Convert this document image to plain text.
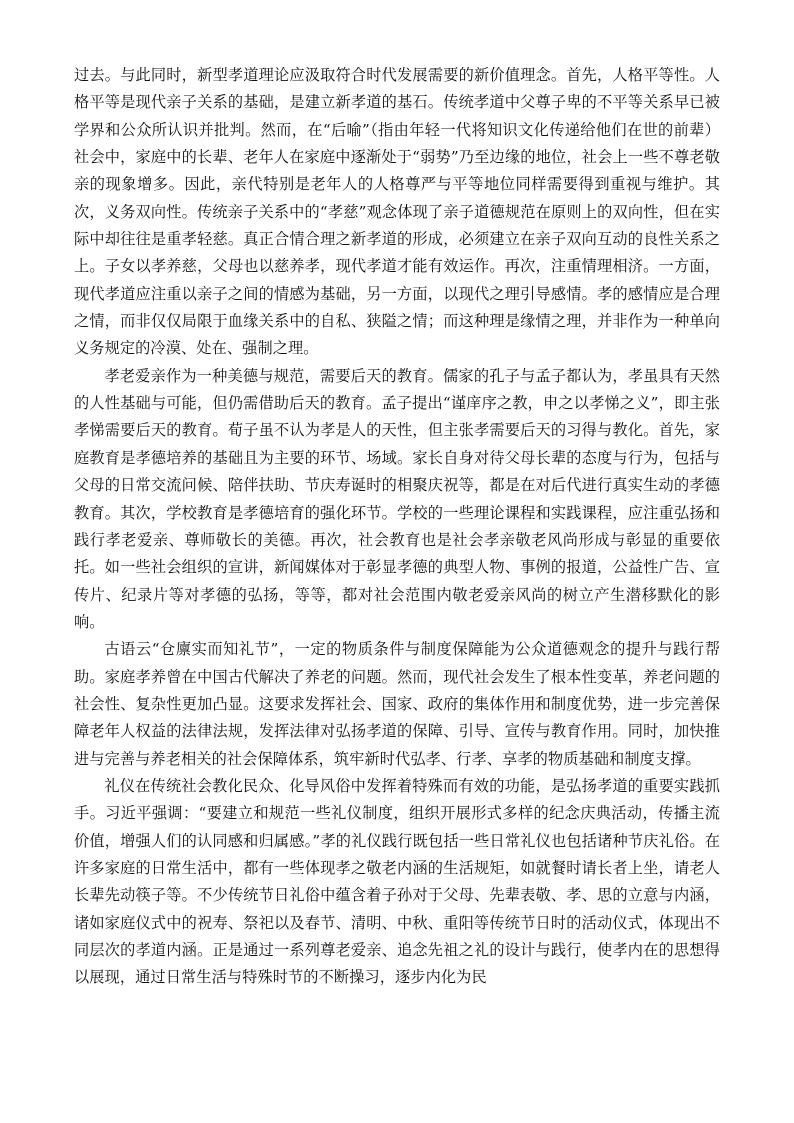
过去。与此同时，新型孝道理论应汲取符合时代发展需要的新价值理念。首先，人格平等性。人格平等是现代亲子关系的基础，是建立新孝道的基石。传统孝道中父尊子卑的不平等关系早已被学界和公众所认识并批判。然而，在“后喻”（指由年轻一代将知识文化传递给他们在世的前辈）社会中，家庭中的长辈、老年人在家庭中逐渐处于“弱势”乃至边缘的地位，社会上一些不尊老敬亲的现象增多。因此，亲代特别是老年人的人格尊严与平等地位同样需要得到重视与维护。其次，义务双向性。传统亲子关系中的“孝慈”观念体现了亲子道德规范在原则上的双向性，但在实际中却往往是重孝轻慈。真正合情合理之新孝道的形成，必须建立在亲子双向互动的良性关系之上。子女以孝养慈，父母也以慈养孝，现代孝道才能有效运作。再次，注重情理相济。一方面，现代孝道应注重以亲子之间的情感为基础，另一方面，以现代之理引导感情。孝的感情应是合理之情，而非仅仅局限于血缘关系中的自私、狭隘之情；而这种理是缘情之理，并非作为一种单向义务规定的冷漠、处在、强制之理。

孝老爱亲作为一种美德与规范，需要后天的教育。儒家的孔子与孟子都认为，孝虽具有天然的人性基础与可能，但仍需借助后天的教育。孟子提出“谨庠序之教，申之以孝悌之义”，即主张孝悌需要后天的教育。荀子虽不认为孝是人的天性，但主张孝需要后天的习得与教化。首先，家庭教育是孝德培养的基础且为主要的环节、场域。家长自身对待父母长辈的态度与行为，包括与父母的日常交流问候、陪伴扶助、节庆寿诞时的相聚庆祝等，都是在对后代进行真实生动的孝德教育。其次，学校教育是孝德培育的强化环节。学校的一些理论课程和实践课程，应注重弘扬和践行孝老爱亲、尊师敬长的美德。再次，社会教育也是社会孝亲敬老风尚形成与彰显的重要依托。如一些社会组织的宣讲，新闻媒体对于彰显孝德的典型人物、事例的报道，公益性广告、宣传片、纪录片等对孝德的弘扬，等等，都对社会范围内敬老爱亲风尚的树立产生潜移默化的影响。

古语云“仓廪实而知礼节”，一定的物质条件与制度保障能为公众道德观念的提升与践行帮助。家庭孝养曾在中国古代解决了养老的问题。然而，现代社会发生了根本性变革，养老问题的社会性、复杂性更加凸显。这要求发挥社会、国家、政府的集体作用和制度优势，进一步完善保障老年人权益的法律法规，发挥法律对弘扬孝道的保障、引导、宣传与教育作用。同时，加快推进与完善与养老相关的社会保障体系，筑牢新时代弘孝、行孝、享孝的物质基础和制度支撑。

礼仪在传统社会教化民众、化导风俗中发挥着特殊而有效的功能，是弘扬孝道的重要实践抓手。习近平强调：“要建立和规范一些礼仪制度，组织开展形式多样的纪念庆典活动，传播主流价值，增强人们的认同感和归属感。”孝的礼仪践行既包括一些日常礼仪也包括诸种节庆礼俗。在许多家庭的日常生活中，都有一些体现孝之敬老内涵的生活规矩，如就餐时请长者上坐，请老人长辈先动筷子等。不少传统节日礼俗中蕴含着子孙对于父母、先辈表敬、孝、思的立意与内涵，诸如家庭仪式中的祝寿、祭祀以及春节、清明、中秋、重阳等传统节日时的活动仪式，体现出不同层次的孝道内涵。正是通过一系列尊老爱亲、追念先祖之礼的设计与践行，使孝内在的思想得以展现，通过日常生活与特殊时节的不断操习，逐步内化为民
